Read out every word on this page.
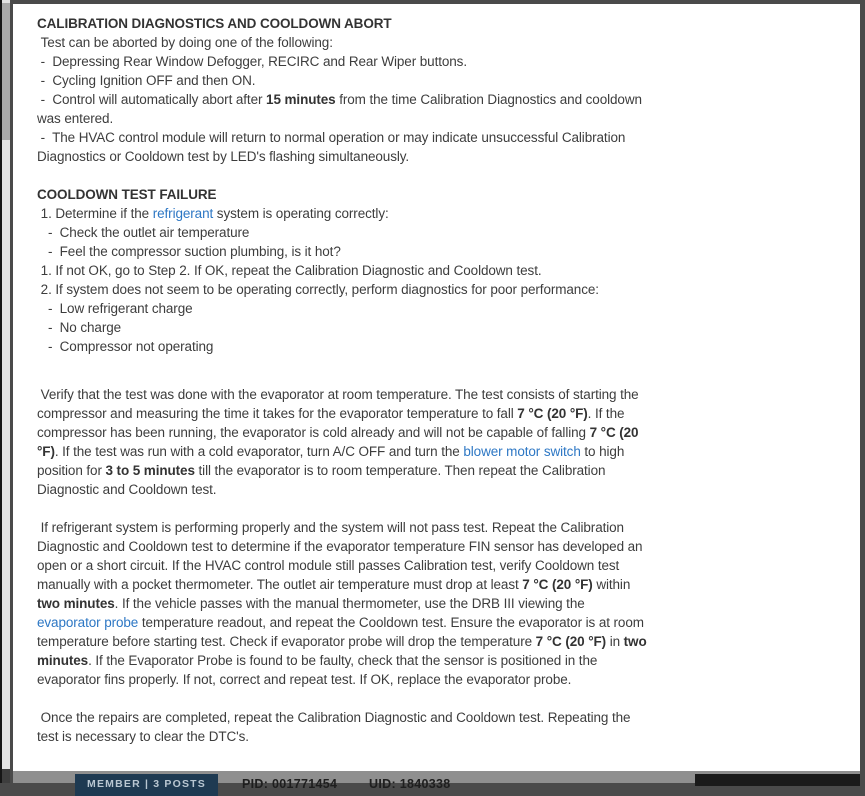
CALIBRATION DIAGNOSTICS AND COOLDOWN ABORT
Test can be aborted by doing one of the following:
-  Depressing Rear Window Defogger, RECIRC and Rear Wiper buttons.
-  Cycling Ignition OFF and then ON.
-  Control will automatically abort after 15 minutes from the time Calibration Diagnostics and cooldown was entered.
-  The HVAC control module will return to normal operation or may indicate unsuccessful Calibration Diagnostics or Cooldown test by LED's flashing simultaneously.
COOLDOWN TEST FAILURE
1. Determine if the refrigerant system is operating correctly:
-  Check the outlet air temperature
-  Feel the compressor suction plumbing, is it hot?
1. If not OK, go to Step 2. If OK, repeat the Calibration Diagnostic and Cooldown test.
2. If system does not seem to be operating correctly, perform diagnostics for poor performance:
-  Low refrigerant charge
-  No charge
-  Compressor not operating
Verify that the test was done with the evaporator at room temperature. The test consists of starting the compressor and measuring the time it takes for the evaporator temperature to fall 7 °C (20 °F). If the compressor has been running, the evaporator is cold already and will not be capable of falling 7 °C (20 °F). If the test was run with a cold evaporator, turn A/C OFF and turn the blower motor switch to high position for 3 to 5 minutes till the evaporator is to room temperature. Then repeat the Calibration Diagnostic and Cooldown test.
If refrigerant system is performing properly and the system will not pass test. Repeat the Calibration Diagnostic and Cooldown test to determine if the evaporator temperature FIN sensor has developed an open or a short circuit. If the HVAC control module still passes Calibration test, verify Cooldown test manually with a pocket thermometer. The outlet air temperature must drop at least 7 °C (20 °F) within two minutes. If the vehicle passes with the manual thermometer, use the DRB III viewing the evaporator probe temperature readout, and repeat the Cooldown test. Ensure the evaporator is at room temperature before starting test. Check if evaporator probe will drop the temperature 7 °C (20 °F) in two minutes. If the Evaporator Probe is found to be faulty, check that the sensor is positioned in the evaporator fins properly. If not, correct and repeat test. If OK, replace the evaporator probe.
Once the repairs are completed, repeat the Calibration Diagnostic and Cooldown test. Repeating the test is necessary to clear the DTC's.
MEMBER | 3 POSTS	PID: 001771454	UID: 1840338
